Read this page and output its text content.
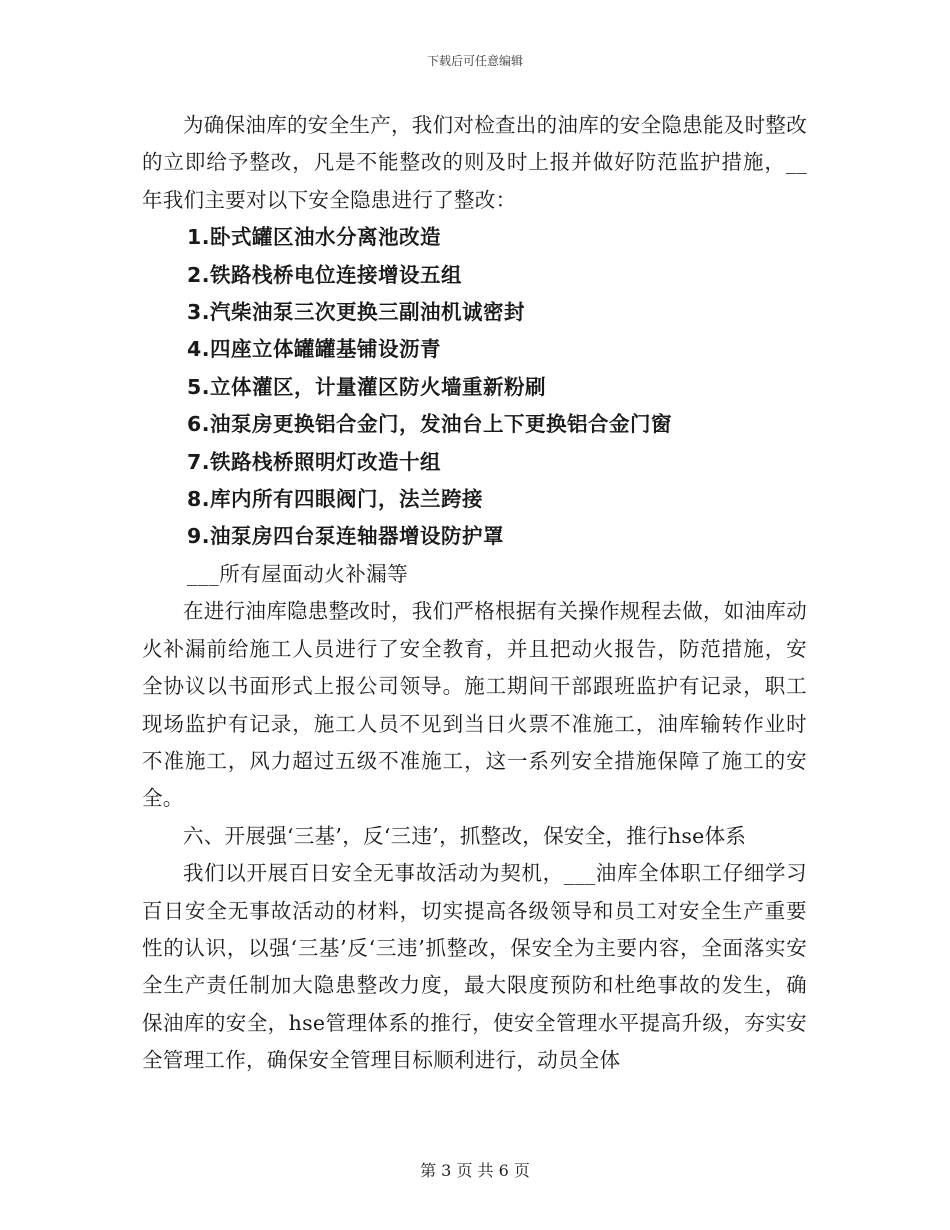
下载后可任意编辑

为确保油库的安全生产，我们对检查出的油库的安全隐患能及时整改的立即给予整改，凡是不能整改的则及时上报并做好防范监护措施，__年我们主要对以下安全隐患进行了整改：

1.卧式罐区油水分离池改造
2.铁路栈桥电位连接增设五组
3.汽柴油泵三次更换三副油机诚密封
4.四座立体罐罐基铺设沥青
5.立体灌区，计量灌区防火墙重新粉刷
6.油泵房更换铝合金门，发油台上下更换铝合金门窗
7.铁路栈桥照明灯改造十组
8.库内所有四眼阀门，法兰跨接
9.油泵房四台泵连轴器增设防护罩
___所有屋面动火补漏等

在进行油库隐患整改时，我们严格根据有关操作规程去做，如油库动火补漏前给施工人员进行了安全教育，并且把动火报告，防范措施，安全协议以书面形式上报公司领导。施工期间干部跟班监护有记录，职工现场监护有记录，施工人员不见到当日火票不准施工，油库输转作业时不准施工，风力超过五级不准施工，这一系列安全措施保障了施工的安全。

六、开展强‘三基’，反‘三违’，抓整改，保安全，推行hse体系

我们以开展百日安全无事故活动为契机，___油库全体职工仔细学习百日安全无事故活动的材料，切实提高各级领导和员工对安全生产重要性的认识，以强‘三基’反‘三违’抓整改，保安全为主要内容，全面落实安全生产责任制加大隐患整改力度，最大限度预防和杜绝事故的发生，确保油库的安全，hse管理体系的推行，使安全管理水平提高升级，夯实安全管理工作，确保安全管理目标顺利进行，动员全体

第 3 页 共 6 页
